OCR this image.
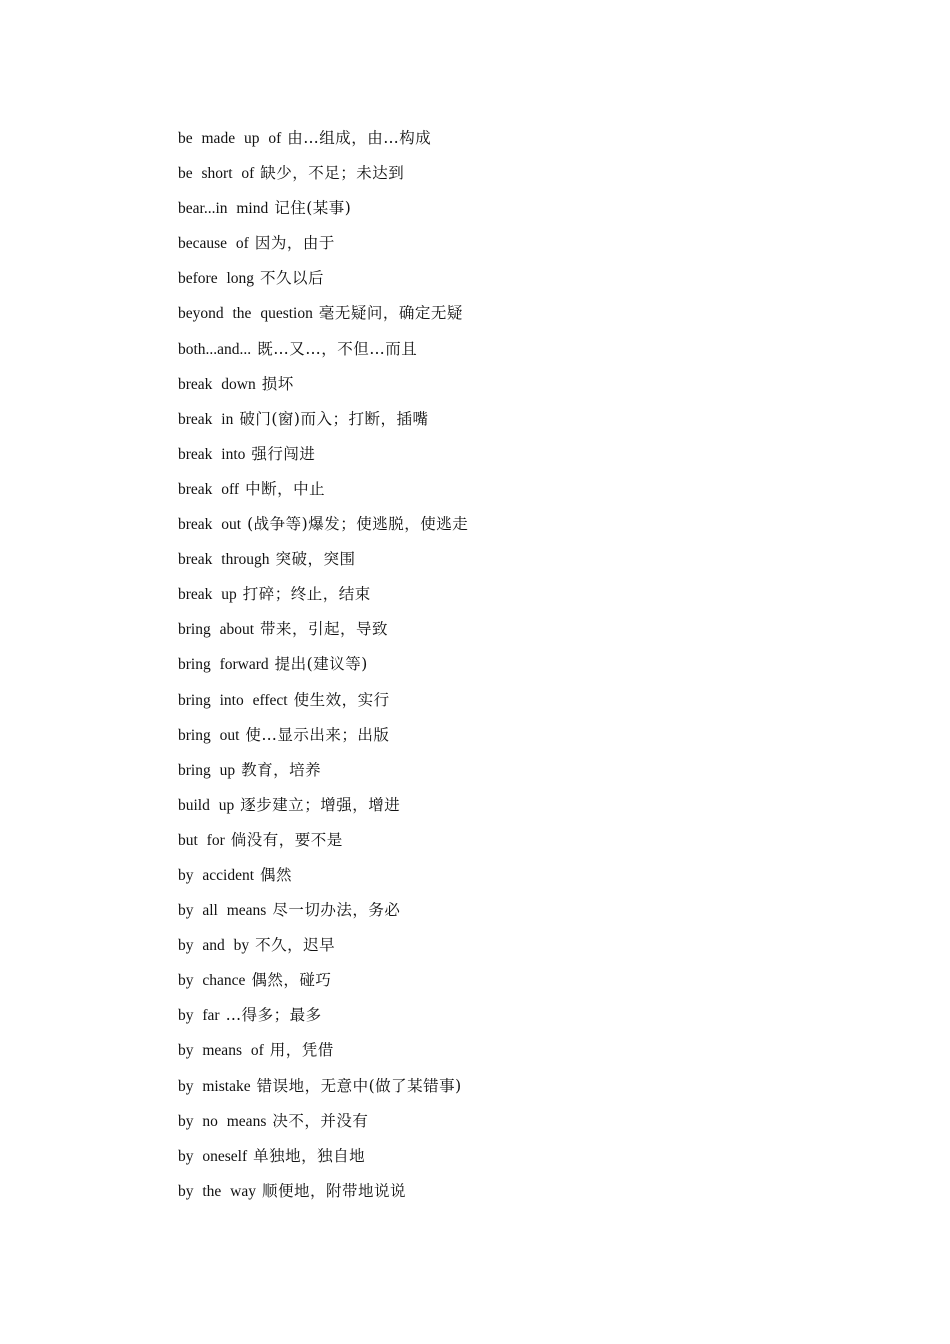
be made up of 由…组成，由…构成
be short of 缺少，不足；未达到
bear...in mind 记住(某事)
because of 因为，由于
before long 不久以后
beyond the question 毫无疑问，确定无疑
both...and... 既…又…，不但…而且
break down 损坏
break in 破门(窗)而入；打断，插嘴
break into 强行闯进
break off 中断，中止
break out (战争等)爆发；使逃脱，使逃走
break through 突破，突围
break up 打碎；终止，结束
bring about 带来，引起，导致
bring forward 提出(建议等)
bring into effect 使生效，实行
bring out 使…显示出来；出版
bring up 教育，培养
build up 逐步建立；增强，增进
but for 倘没有，要不是
by accident 偶然
by all means 尽一切办法，务必
by and by 不久，迟早
by chance 偶然，碰巧
by far …得多；最多
by means of 用，凭借
by mistake 错误地，无意中(做了某错事)
by no means 决不，并没有
by oneself 单独地，独自地
by the way 顺便地，附带地说说
